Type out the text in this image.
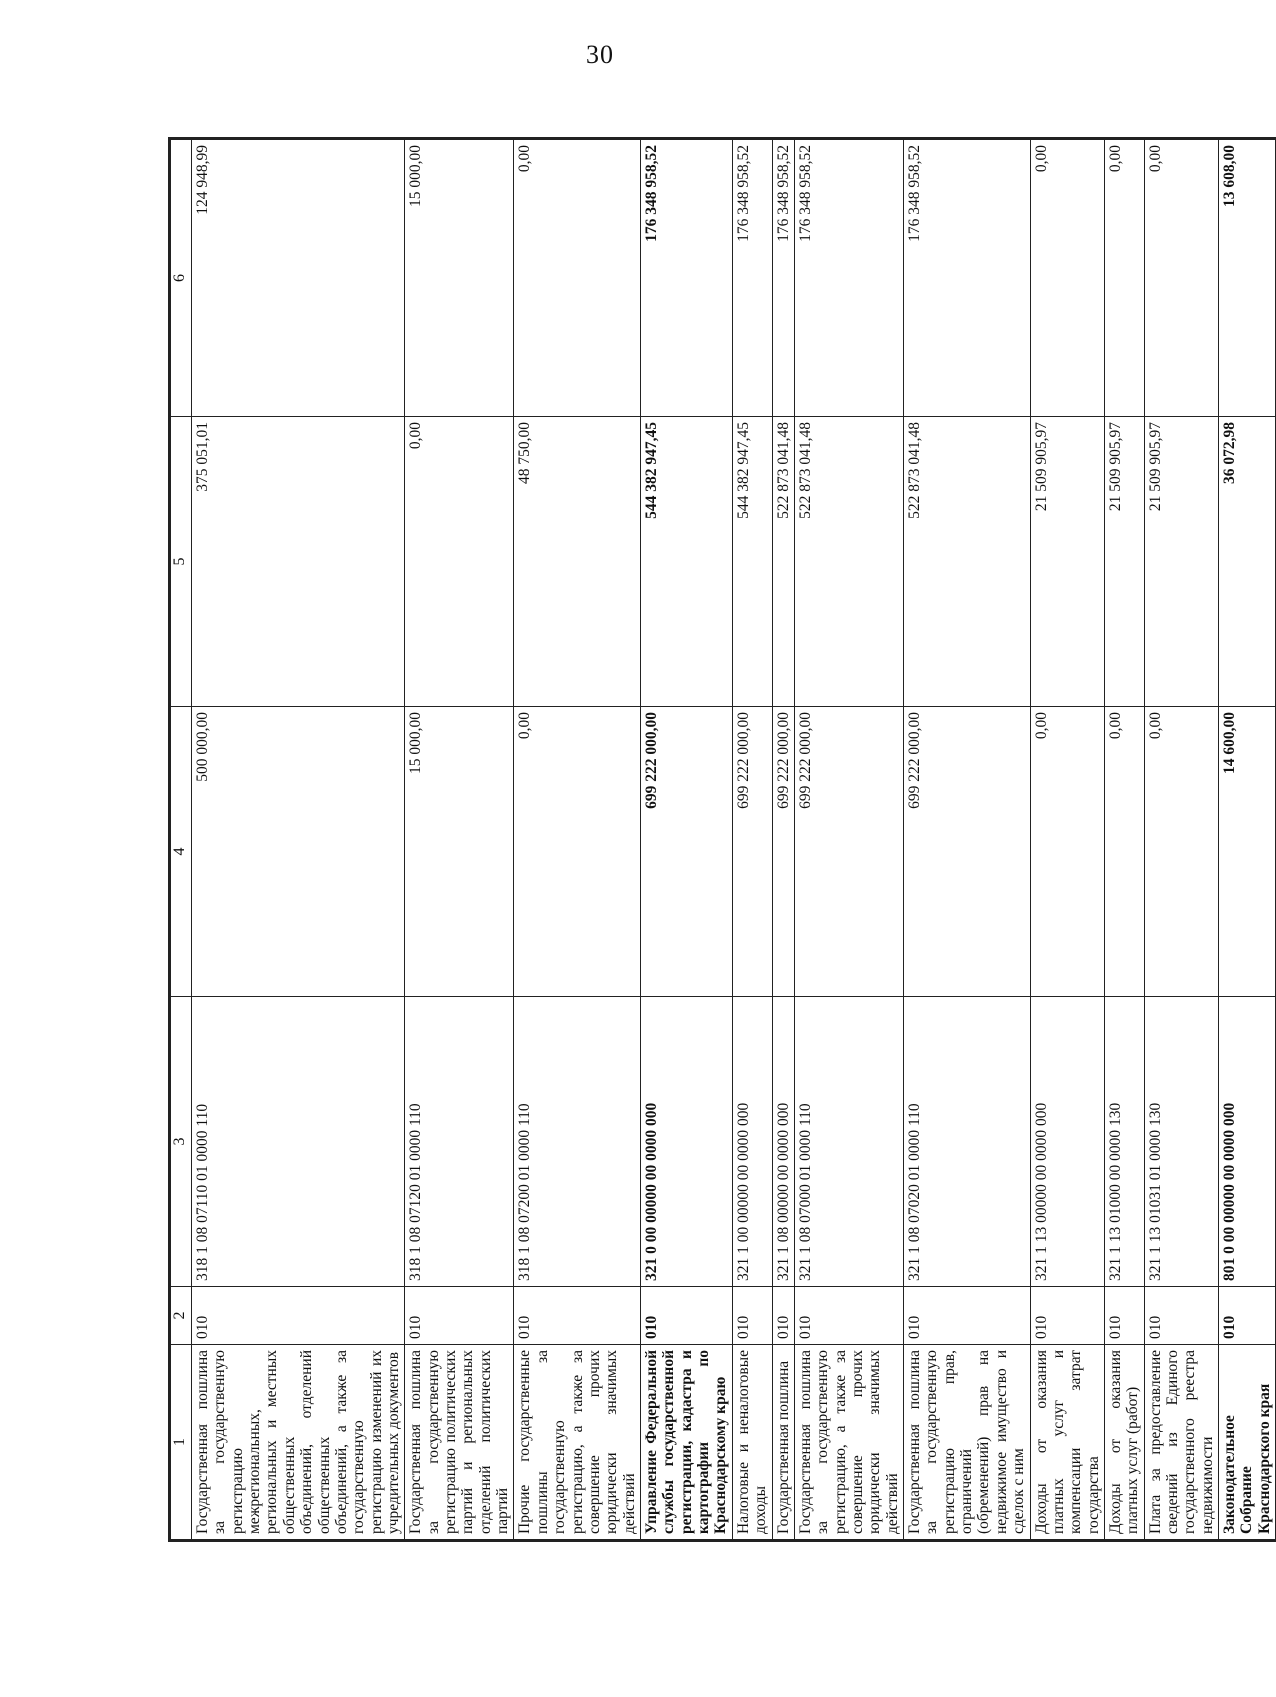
30
1	2	3	4	5	6
Государственная пошлина за государственную регистрацию межрегиональных, региональных и местных общественных объединений, отделений общественных объединений, а также за государственную регистрацию изменений их учредительных документов	010	318 1 08 07110 01 0000 110	500 000,00	375 051,01	124 948,99
Государственная пошлина за государственную регистрацию политических партий и региональных отделений политических партий	010	318 1 08 07120 01 0000 110	15 000,00	0,00	15 000,00
Прочие государственные пошлины за государственную регистрацию, а также за совершение прочих юридически значимых действий	010	318 1 08 07200 01 0000 110	0,00	48 750,00	0,00
Управление Федеральной службы государственной регистрации, кадастра и картографии по Краснодарскому краю	010	321 0 00 00000 00 0000 000	699 222 000,00	544 382 947,45	176 348 958,52
Налоговые и неналоговые доходы	010	321 1 00 00000 00 0000 000	699 222 000,00	544 382 947,45	176 348 958,52
Государственная пошлина	010	321 1 08 00000 00 0000 000	699 222 000,00	522 873 041,48	176 348 958,52
Государственная пошлина за государственную регистрацию, а также за совершение прочих юридически значимых действий	010	321 1 08 07000 01 0000 110	699 222 000,00	522 873 041,48	176 348 958,52
Государственная пошлина за государственную регистрацию прав, ограничений (обременений) прав на недвижимое имущество и сделок с ним	010	321 1 08 07020 01 0000 110	699 222 000,00	522 873 041,48	176 348 958,52
Доходы от оказания платных услуг и компенсации затрат государства	010	321 1 13 00000 00 0000 000	0,00	21 509 905,97	0,00
Доходы от оказания платных услуг (работ)	010	321 1 13 01000 00 0000 130	0,00	21 509 905,97	0,00
Плата за предоставление сведений из Единого государственного реестра недвижимости	010	321 1 13 01031 01 0000 130	0,00	21 509 905,97	0,00
Законодательное Собрание Краснодарского края	010	801 0 00 00000 00 0000 000	14 600,00	36 072,98	13 608,00
